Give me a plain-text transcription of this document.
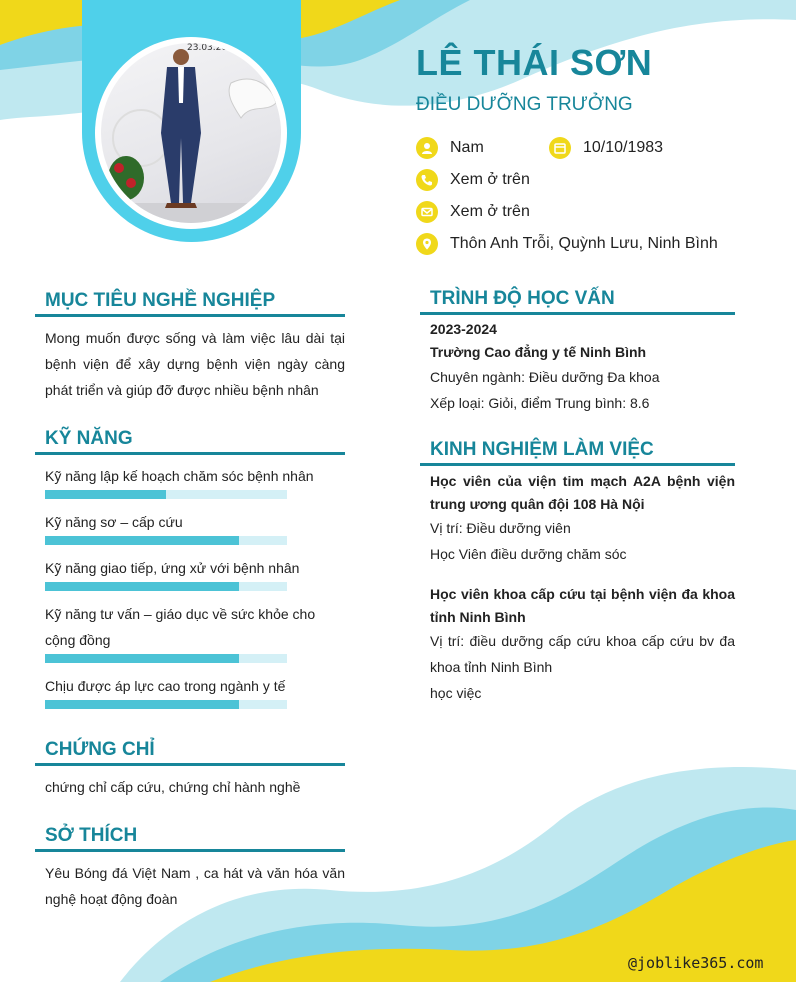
23.03.2025	LÊ THÁI SƠN
ĐIỀU DƯỠNG TRƯỞNG
Nam	10/10/1983
Xem ở trên
Xem ở trên
Thôn Anh Trỗi, Quỳnh Lưu, Ninh Bình
MỤC TIÊU NGHỀ NGHIỆP
Mong muốn được sống và làm việc lâu dài tại bệnh viện để xây dựng bệnh viện ngày càng phát triển và giúp đỡ được nhiều bệnh nhân
KỸ NĂNG
Kỹ năng lập kế hoạch chăm sóc bệnh nhân
Kỹ năng sơ – cấp cứu
Kỹ năng giao tiếp, ứng xử với bệnh nhân
Kỹ năng tư vấn – giáo dục về sức khỏe cho cộng đồng
Chịu được áp lực cao trong ngành y tế
CHỨNG CHỈ
chứng chỉ cấp cứu, chứng chỉ hành nghề
SỞ THÍCH
Yêu Bóng đá Việt Nam , ca hát và văn hóa văn nghệ hoạt động đoàn
TRÌNH ĐỘ HỌC VẤN
2023-2024
Trường Cao đẳng y tế Ninh Bình
Chuyên ngành: Điều dưỡng Đa khoa
Xếp loại: Giỏi, điểm Trung bình: 8.6
KINH NGHIỆM LÀM VIỆC
Học viên của viện tim mạch A2A bệnh viện trung ương quân đội 108 Hà Nội
Vị trí: Điều dưỡng viên
Học Viên điều dưỡng chăm sóc
Học viên khoa cấp cứu tại bệnh viện đa khoa tỉnh Ninh Bình
Vị trí: điều dưỡng cấp cứu khoa cấp cứu bv đa khoa tỉnh Ninh Bình
học việc
@joblike365.com
